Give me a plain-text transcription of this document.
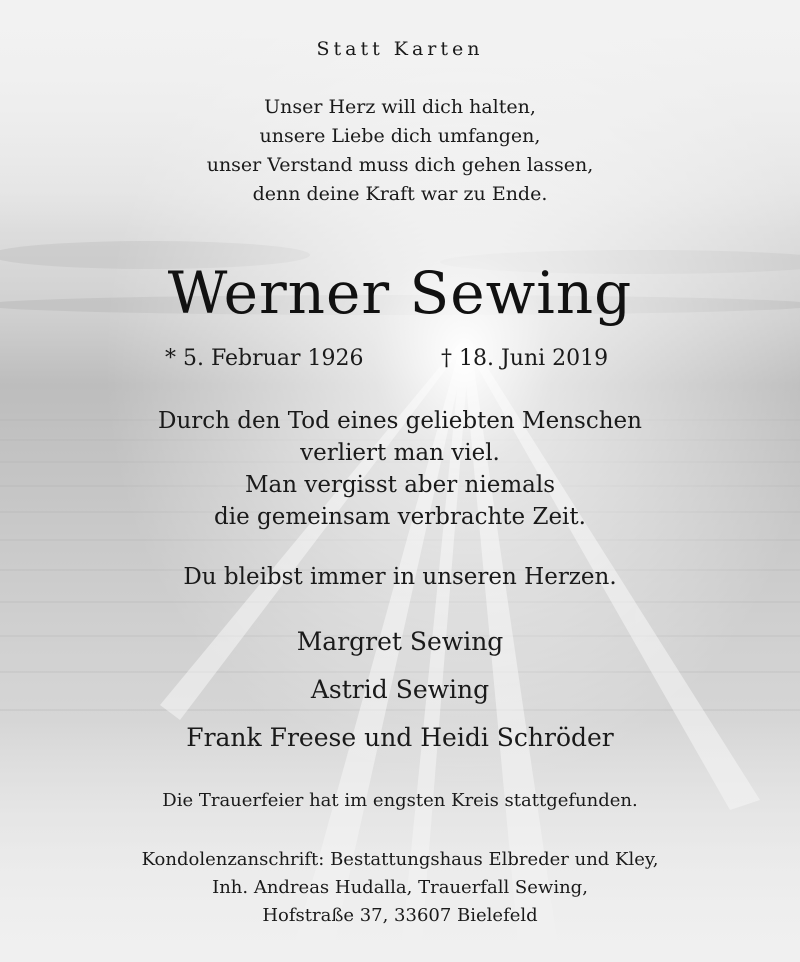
Statt Karten
Unser Herz will dich halten,
unsere Liebe dich umfangen,
unser Verstand muss dich gehen lassen,
denn deine Kraft war zu Ende.
Werner Sewing
* 5. Februar 1926	† 18. Juni 2019
Durch den Tod eines geliebten Menschen
verliert man viel.
Man vergisst aber niemals
die gemeinsam verbrachte Zeit.
Du bleibst immer in unseren Herzen.
Margret Sewing
Astrid Sewing
Frank Freese und Heidi Schröder
Die Trauerfeier hat im engsten Kreis stattgefunden.
Kondolenzanschrift: Bestattungshaus Elbreder und Kley,
Inh. Andreas Hudalla, Trauerfall Sewing,
Hofstraße 37, 33607 Bielefeld
